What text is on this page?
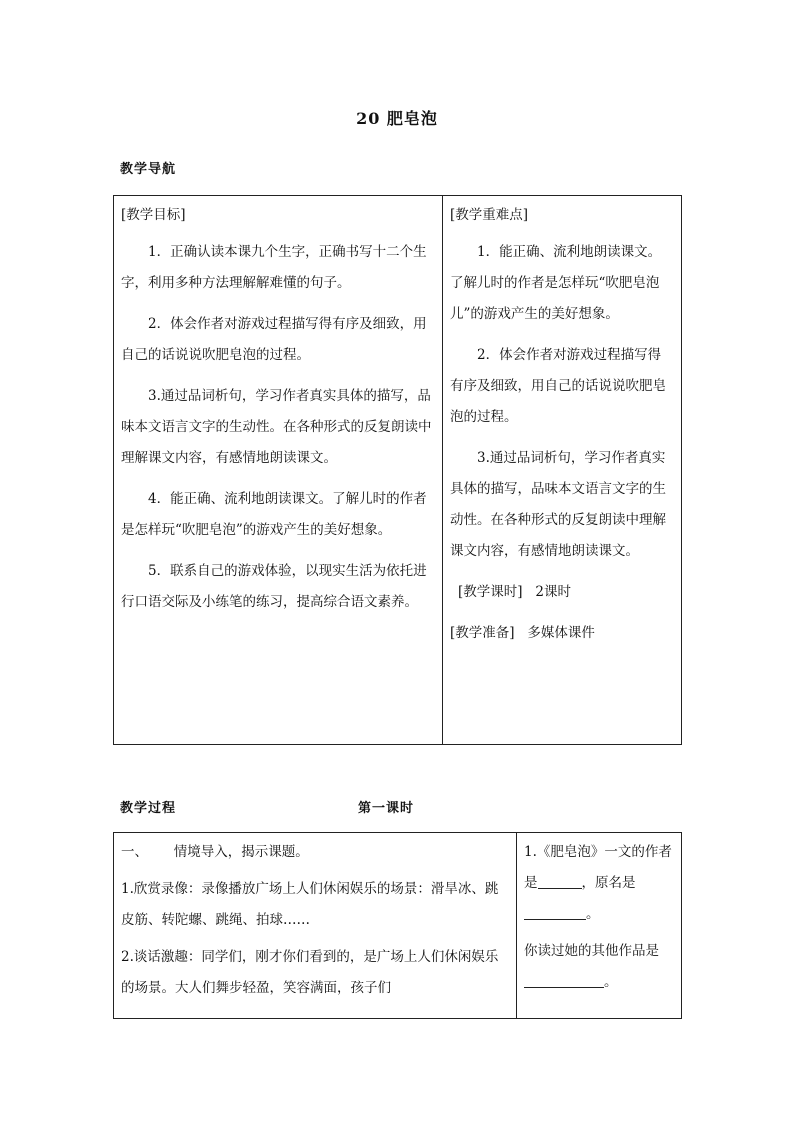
20 肥皂泡
教学导航

[教学目标]

1．正确认读本课九个生字，正确书写十二个生字，利用多种方法理解解难懂的句子。

2．体会作者对游戏过程描写得有序及细致，用自己的话说说吹肥皂泡的过程。

3.通过品词析句，学习作者真实具体的描写，品味本文语言文字的生动性。在各种形式的反复朗读中理解课文内容，有感情地朗读课文。

4．能正确、流利地朗读课文。了解儿时的作者是怎样玩“吹肥皂泡”的游戏产生的美好想象。

5．联系自己的游戏体验，以现实生活为依托进行口语交际及小练笔的练习，提高综合语文素养。

[教学重难点]

1．能正确、流利地朗读课文。了解儿时的作者是怎样玩“吹肥皂泡儿”的游戏产生的美好想象。

2．体会作者对游戏过程描写得有序及细致，用自己的话说说吹肥皂泡的过程。

3.通过品词析句，学习作者真实具体的描写，品味本文语言文字的生动性。在各种形式的反复朗读中理解课文内容，有感情地朗读课文。

[教学课时] 2课时

[教学准备] 多媒体课件

教学过程	第一课时

一、 情境导入，揭示课题。

1.欣赏录像：录像播放广场上人们休闲娱乐的场景：滑旱冰、跳皮筋、转陀螺、跳绳、拍球……

2.谈话激趣：同学们，刚才你们看到的，是广场上人们休闲娱乐的场景。大人们舞步轻盈，笑容满面，孩子们

1.《肥皂泡》一文的作者是	，原名是。

你读过她的其他作品是。
